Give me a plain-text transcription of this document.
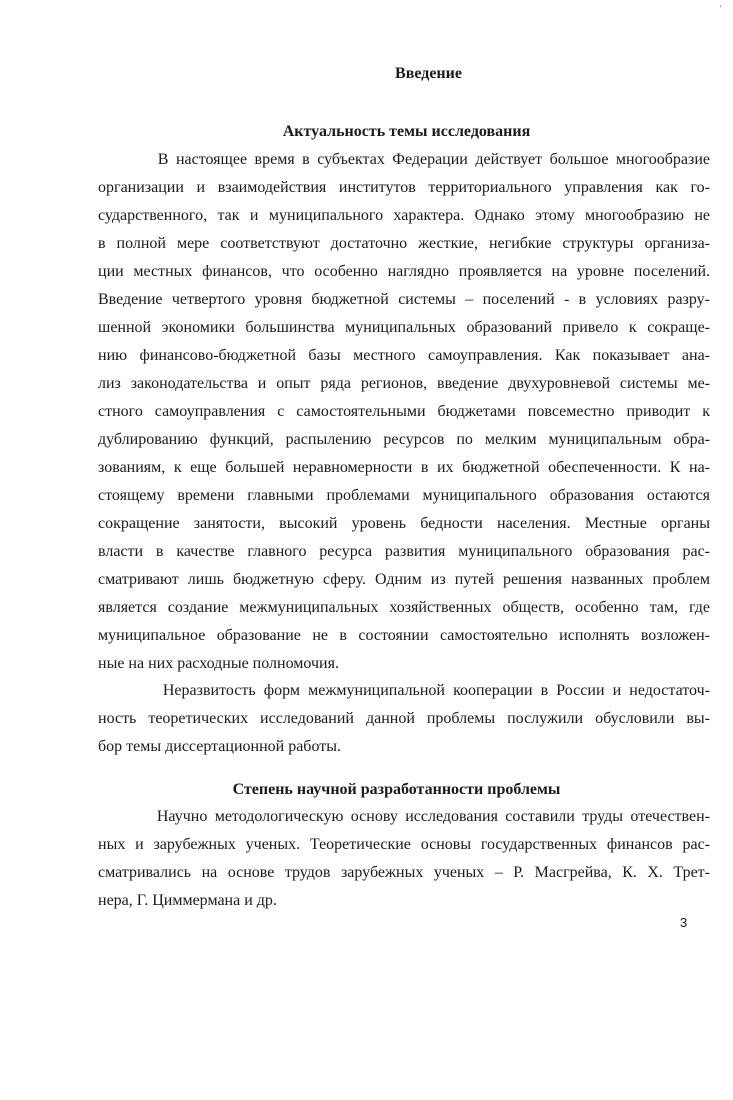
'
Введение
Актуальность темы исследования
В настоящее время в субъектах Федерации действует большое многообразие
организации и взаимодействия институтов территориального управления как го-
сударственного, так и муниципального характера. Однако этому многообразию не
в полной мере соответствуют достаточно жесткие, негибкие структуры организа-
ции местных финансов, что особенно наглядно проявляется на уровне поселений.
Введение четвертого уровня бюджетной системы – поселений - в условиях разру-
шенной экономики большинства муниципальных образований привело к сокраще-
нию финансово-бюджетной базы местного самоуправления. Как показывает ана-
лиз законодательства и опыт ряда регионов, введение двухуровневой системы ме-
стного самоуправления с самостоятельными бюджетами повсеместно приводит к
дублированию функций, распылению ресурсов по мелким муниципальным обра-
зованиям, к еще большей неравномерности в их бюджетной обеспеченности. К на-
стоящему времени главными проблемами муниципального образования остаются
сокращение занятости, высокий уровень бедности населения. Местные органы
власти в качестве главного ресурса развития муниципального образования рас-
сматривают лишь бюджетную сферу. Одним из путей решения названных проблем
является создание межмуниципальных хозяйственных обществ, особенно там, где
муниципальное образование не в состоянии самостоятельно исполнять возложен-
ные на них расходные полномочия.
Неразвитость форм межмуниципальной кооперации в России и недостаточ-
ность теоретических исследований данной проблемы послужили обусловили вы-
бор темы диссертационной работы.
Степень научной разработанности проблемы
Научно методологическую основу исследования составили труды отечествен-
ных и зарубежных ученых. Теоретические основы государственных финансов рас-
сматривались на основе трудов зарубежных ученых – Р. Масгрейва, К. Х. Трет-
нера, Г. Циммермана и др.
3
